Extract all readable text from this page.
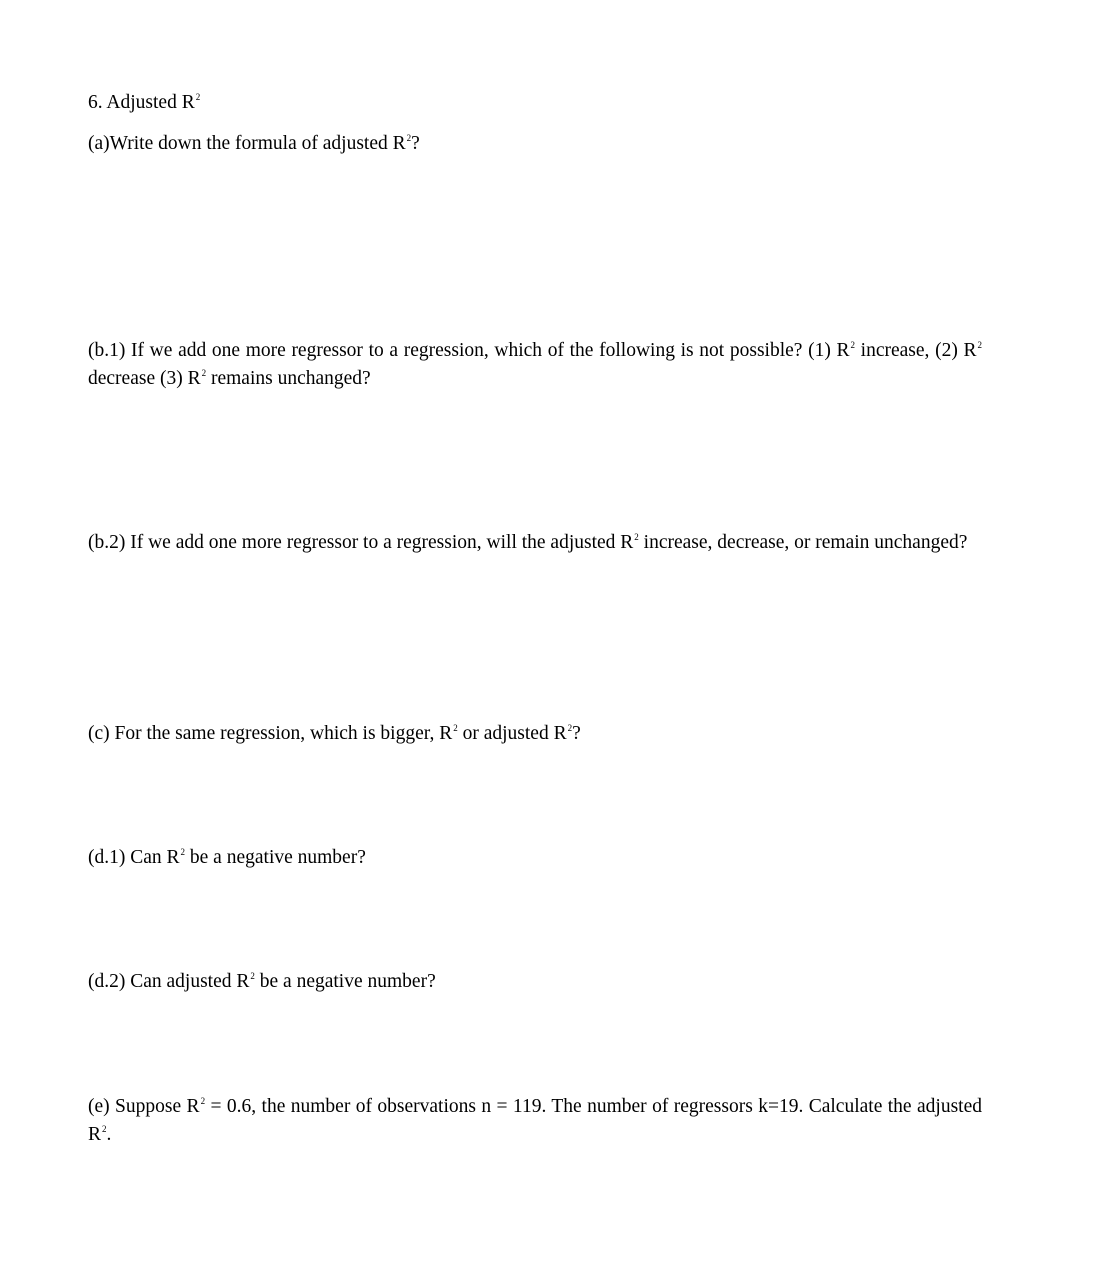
6. Adjusted $R^2$
(a)Write down the formula of adjusted $R^2$?
(b.1) If we add one more regressor to a regression, which of the following is not possible? (1) $R^2$ increase, (2) $R^2$ decrease (3) $R^2$ remains unchanged?
(b.2) If we add one more regressor to a regression, will the adjusted $R^2$ increase, decrease, or remain unchanged?
(c) For the same regression, which is bigger, $R^2$ or adjusted $R^2$?
(d.1) Can $R^2$ be a negative number?
(d.2) Can adjusted $R^2$ be a negative number?
(e) Suppose $R^2 = 0.6$, the number of observations n = 119. The number of regressors k=19. Calculate the adjusted $R^2$.
